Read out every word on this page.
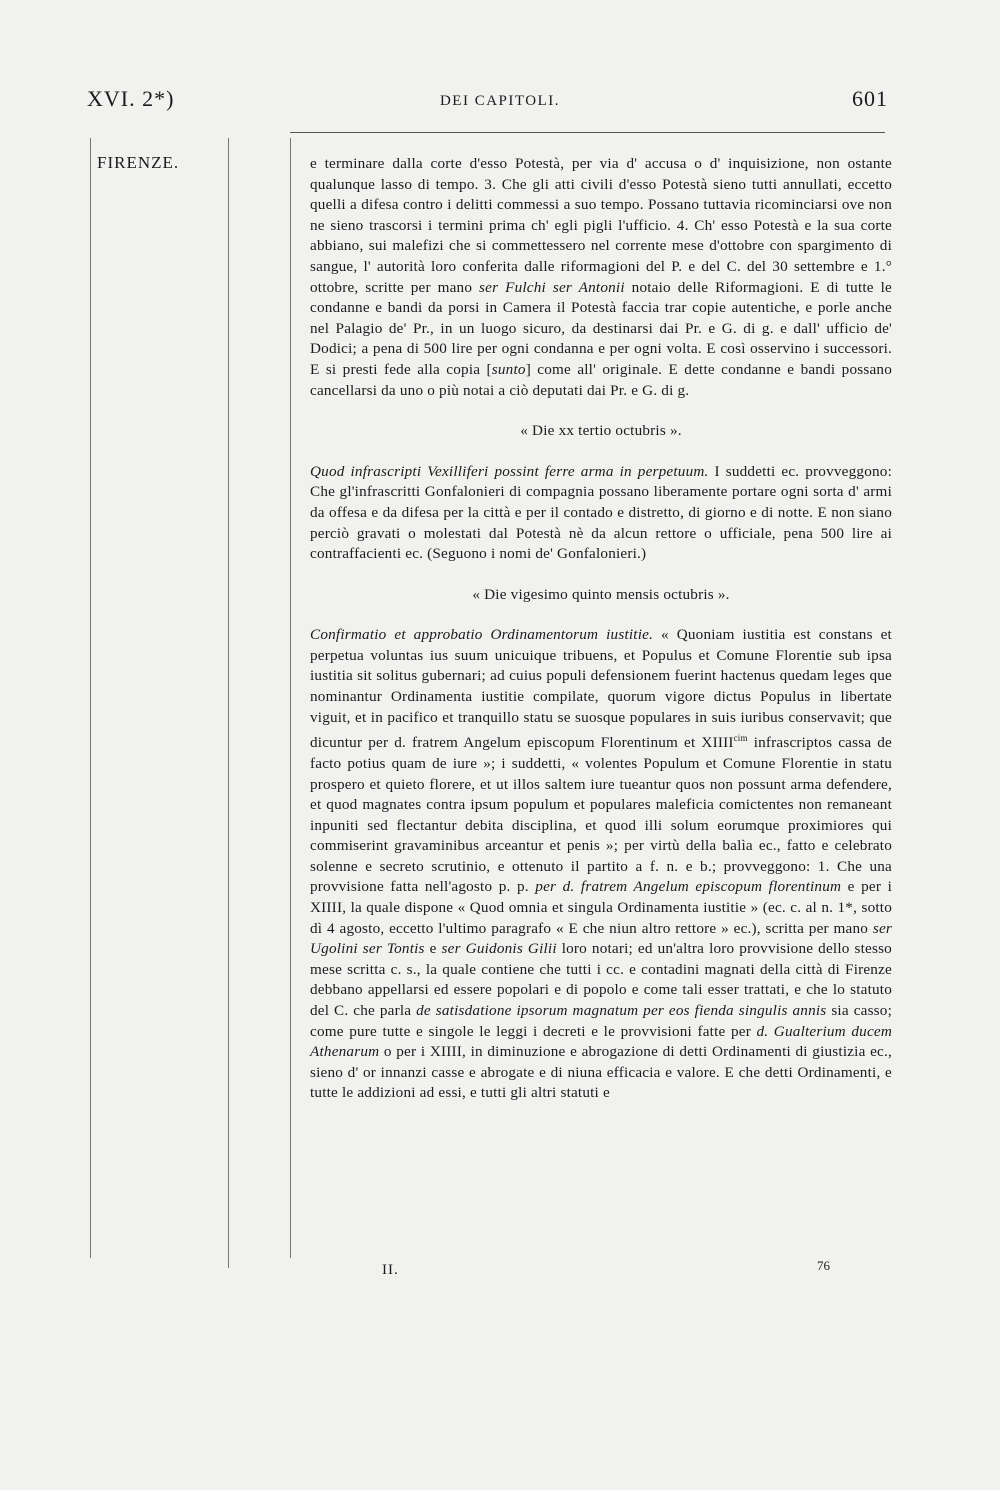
XVI. 2*)	DEI CAPITOLI.	601
FIRENZE.	e terminare dalla corte d'esso Potestà, per via d' accusa o d' inquisizione, non ostante qualunque lasso di tempo. 3. Che gli atti civili d'esso Potestà sieno tutti annullati, eccetto quelli a difesa contro i delitti commessi a suo tempo. Possano tuttavia ricominciarsi ove non ne sieno trascorsi i termini prima ch' egli pigli l'ufficio. 4. Ch' esso Potestà e la sua corte abbiano, sui malefizi che si commettessero nel corrente mese d'ottobre con spargimento di sangue, l' autorità loro conferita dalle riformagioni del P. e del C. del 30 settembre e 1.° ottobre, scritte per mano ser Fulchi ser Antonii notaio delle Riformagioni. E di tutte le condanne e bandi da porsi in Camera il Potestà faccia trar copie autentiche, e porle anche nel Palagio de' Pr., in un luogo sicuro, da destinarsi dai Pr. e G. di g. e dall' ufficio de' Dodici; a pena di 500 lire per ogni condanna e per ogni volta. E così osservino i successori. E si presti fede alla copia [sunto] come all' originale. E dette condanne e bandi possano cancellarsi da uno o più notai a ciò deputati dai Pr. e G. di g.

« Die xx tertio octubris ».

Quod infrascripti Vexilliferi possint ferre arma in perpetuum. I suddetti ec. provveggono: Che gl'infrascritti Gonfalonieri di compagnia possano liberamente portare ogni sorta d' armi da offesa e da difesa per la città e per il contado e distretto, di giorno e di notte. E non siano perciò gravati o molestati dal Potestà nè da alcun rettore o ufficiale, pena 500 lire ai contraffacienti ec. (Seguono i nomi de' Gonfalonieri.)

« Die vigesimo quinto mensis octubris ».

Confirmatio et approbatio Ordinamentorum iustitie. « Quoniam iustitia est constans et perpetua voluntas ius suum unicuique tribuens, et Populus et Comune Florentie sub ipsa iustitia sit solitus gubernari; ad cuius populi defensionem fuerint hactenus quedam leges que nominantur Ordinamenta iustitie compilate, quorum vigore dictus Populus in libertate viguit, et in pacifico et tranquillo statu se suosque populares in suis iuribus conservavit; que dicuntur per d. fratrem Angelum episcopum Florentinum et $XIIII^{cim}$ infrascriptos cassa de facto potius quam de iure »; i suddetti, « volentes Populum et Comune Florentie in statu prospero et quieto florere, et ut illos saltem iure tueantur quos non possunt arma defendere, et quod magnates contra ipsum populum et populares maleficia comictentes non remaneant inpuniti sed flectantur debita disciplina, et quod illi solum eorumque proximiores qui commiserint gravaminibus arceantur et penis »; per virtù della balìa ec., fatto e celebrato solenne e secreto scrutinio, e ottenuto il partito a f. n. e b.; provveggono: 1. Che una provvisione fatta nell'agosto p. p. per d. fratrem Angelum episcopum florentinum e per i XIIII, la quale dispone « Quod omnia et singula Ordinamenta iustitie » (ec. c. al n. 1*, sotto dì 4 agosto, eccetto l'ultimo paragrafo « E che niun altro rettore » ec.), scritta per mano ser Ugolini ser Tontis e ser Guidonis Gilii loro notari; ed un'altra loro provvisione dello stesso mese scritta c. s., la quale contiene che tutti i cc. e contadini magnati della città di Firenze debbano appellarsi ed essere popolari e di popolo e come tali esser trattati, e che lo statuto del C. che parla de satisdatione ipsorum magnatum per eos fienda singulis annis sia casso; come pure tutte e singole le leggi i decreti e le provvisioni fatte per d. Gualterium ducem Athenarum o per i XIIII, in diminuzione e abrogazione di detti Ordinamenti di giustizia ec., sieno d' or innanzi casse e abrogate e di niuna efficacia e valore. E che detti Ordinamenti, e tutte le addizioni ad essi, e tutti gli altri statuti e

II.	76
